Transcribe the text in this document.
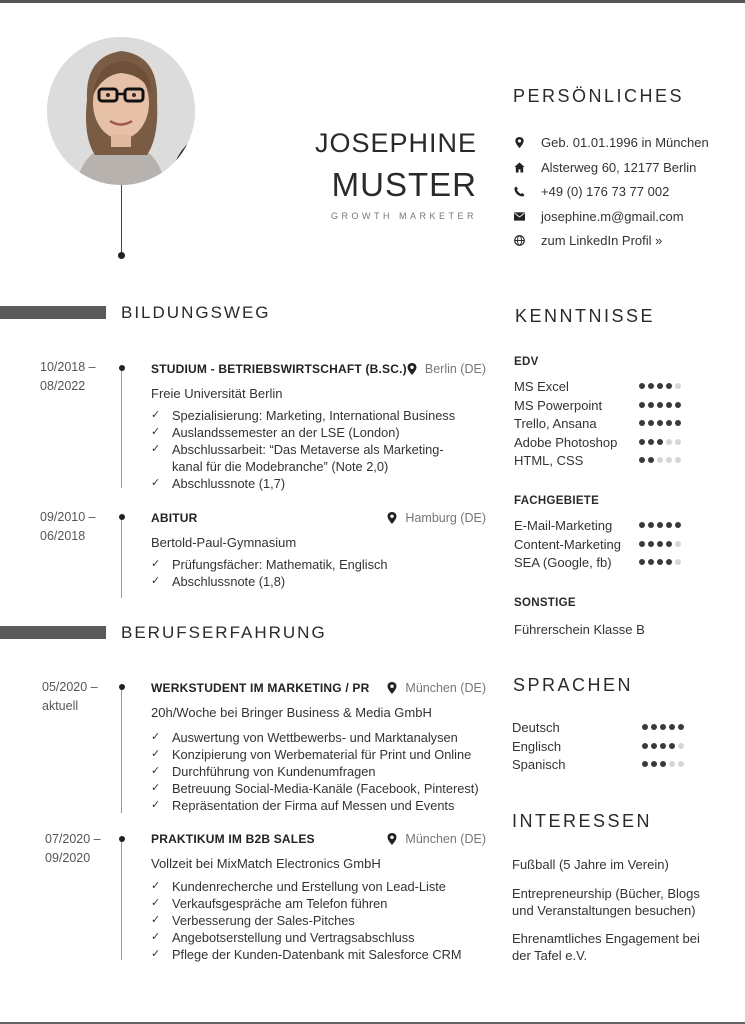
JOSEPHINE
MUSTER
GROWTH MARKETER
PERSÖNLICHES
Geb. 01.01.1996 in München
Alsterweg 60, 12177 Berlin
+49 (0) 176 73 77 002
josephine.m@gmail.com
zum LinkedIn Profil »
BILDUNGSWEG
10/2018 –
08/2022
STUDIUM - BETRIEBSWIRTSCHAFT (B.SC.) Berlin (DE)
Freie Universität Berlin
✓ Spezialisierung: Marketing, International Business
✓ Auslandssemester an der LSE (London)
✓ Abschlussarbeit: “Das Metaverse als Marketing-kanal für die Modebranche” (Note 2,0)
✓ Abschlussnote (1,7)
09/2010 –
06/2018
ABITUR	Hamburg (DE)
Bertold-Paul-Gymnasium
✓ Prüfungsfächer: Mathematik, Englisch
✓ Abschlussnote (1,8)
BERUFSERFAHRUNG
05/2020 –
aktuell
WERKSTUDENT IM MARKETING / PR	München (DE)
20h/Woche bei Bringer Business & Media GmbH
✓ Auswertung von Wettbewerbs- und Marktanalysen
✓ Konzipierung von Werbematerial für Print und Online
✓ Durchführung von Kundenumfragen
✓ Betreuung Social-Media-Kanäle (Facebook, Pinterest)
✓ Repräsentation der Firma auf Messen und Events
07/2020 –
09/2020
PRAKTIKUM IM B2B SALES	München (DE)
Vollzeit bei MixMatch Electronics GmbH
✓ Kundenrecherche und Erstellung von Lead-Liste
✓ Verkaufsgespräche am Telefon führen
✓ Verbesserung der Sales-Pitches
✓ Angebotserstellung und Vertragsabschluss
✓ Pflege der Kunden-Datenbank mit Salesforce CRM
KENNTNISSE
EDV
MS Excel
MS Powerpoint
Trello, Ansana
Adobe Photoshop
HTML, CSS
FACHGEBIETE
E-Mail-Marketing
Content-Marketing
SEA (Google, fb)
SONSTIGE
Führerschein Klasse B
SPRACHEN
Deutsch
Englisch
Spanisch
INTERESSEN
Fußball (5 Jahre im Verein)
Entrepreneurship (Bücher, Blogs und Veranstaltungen besuchen)
Ehrenamtliches Engagement bei der Tafel e.V.
